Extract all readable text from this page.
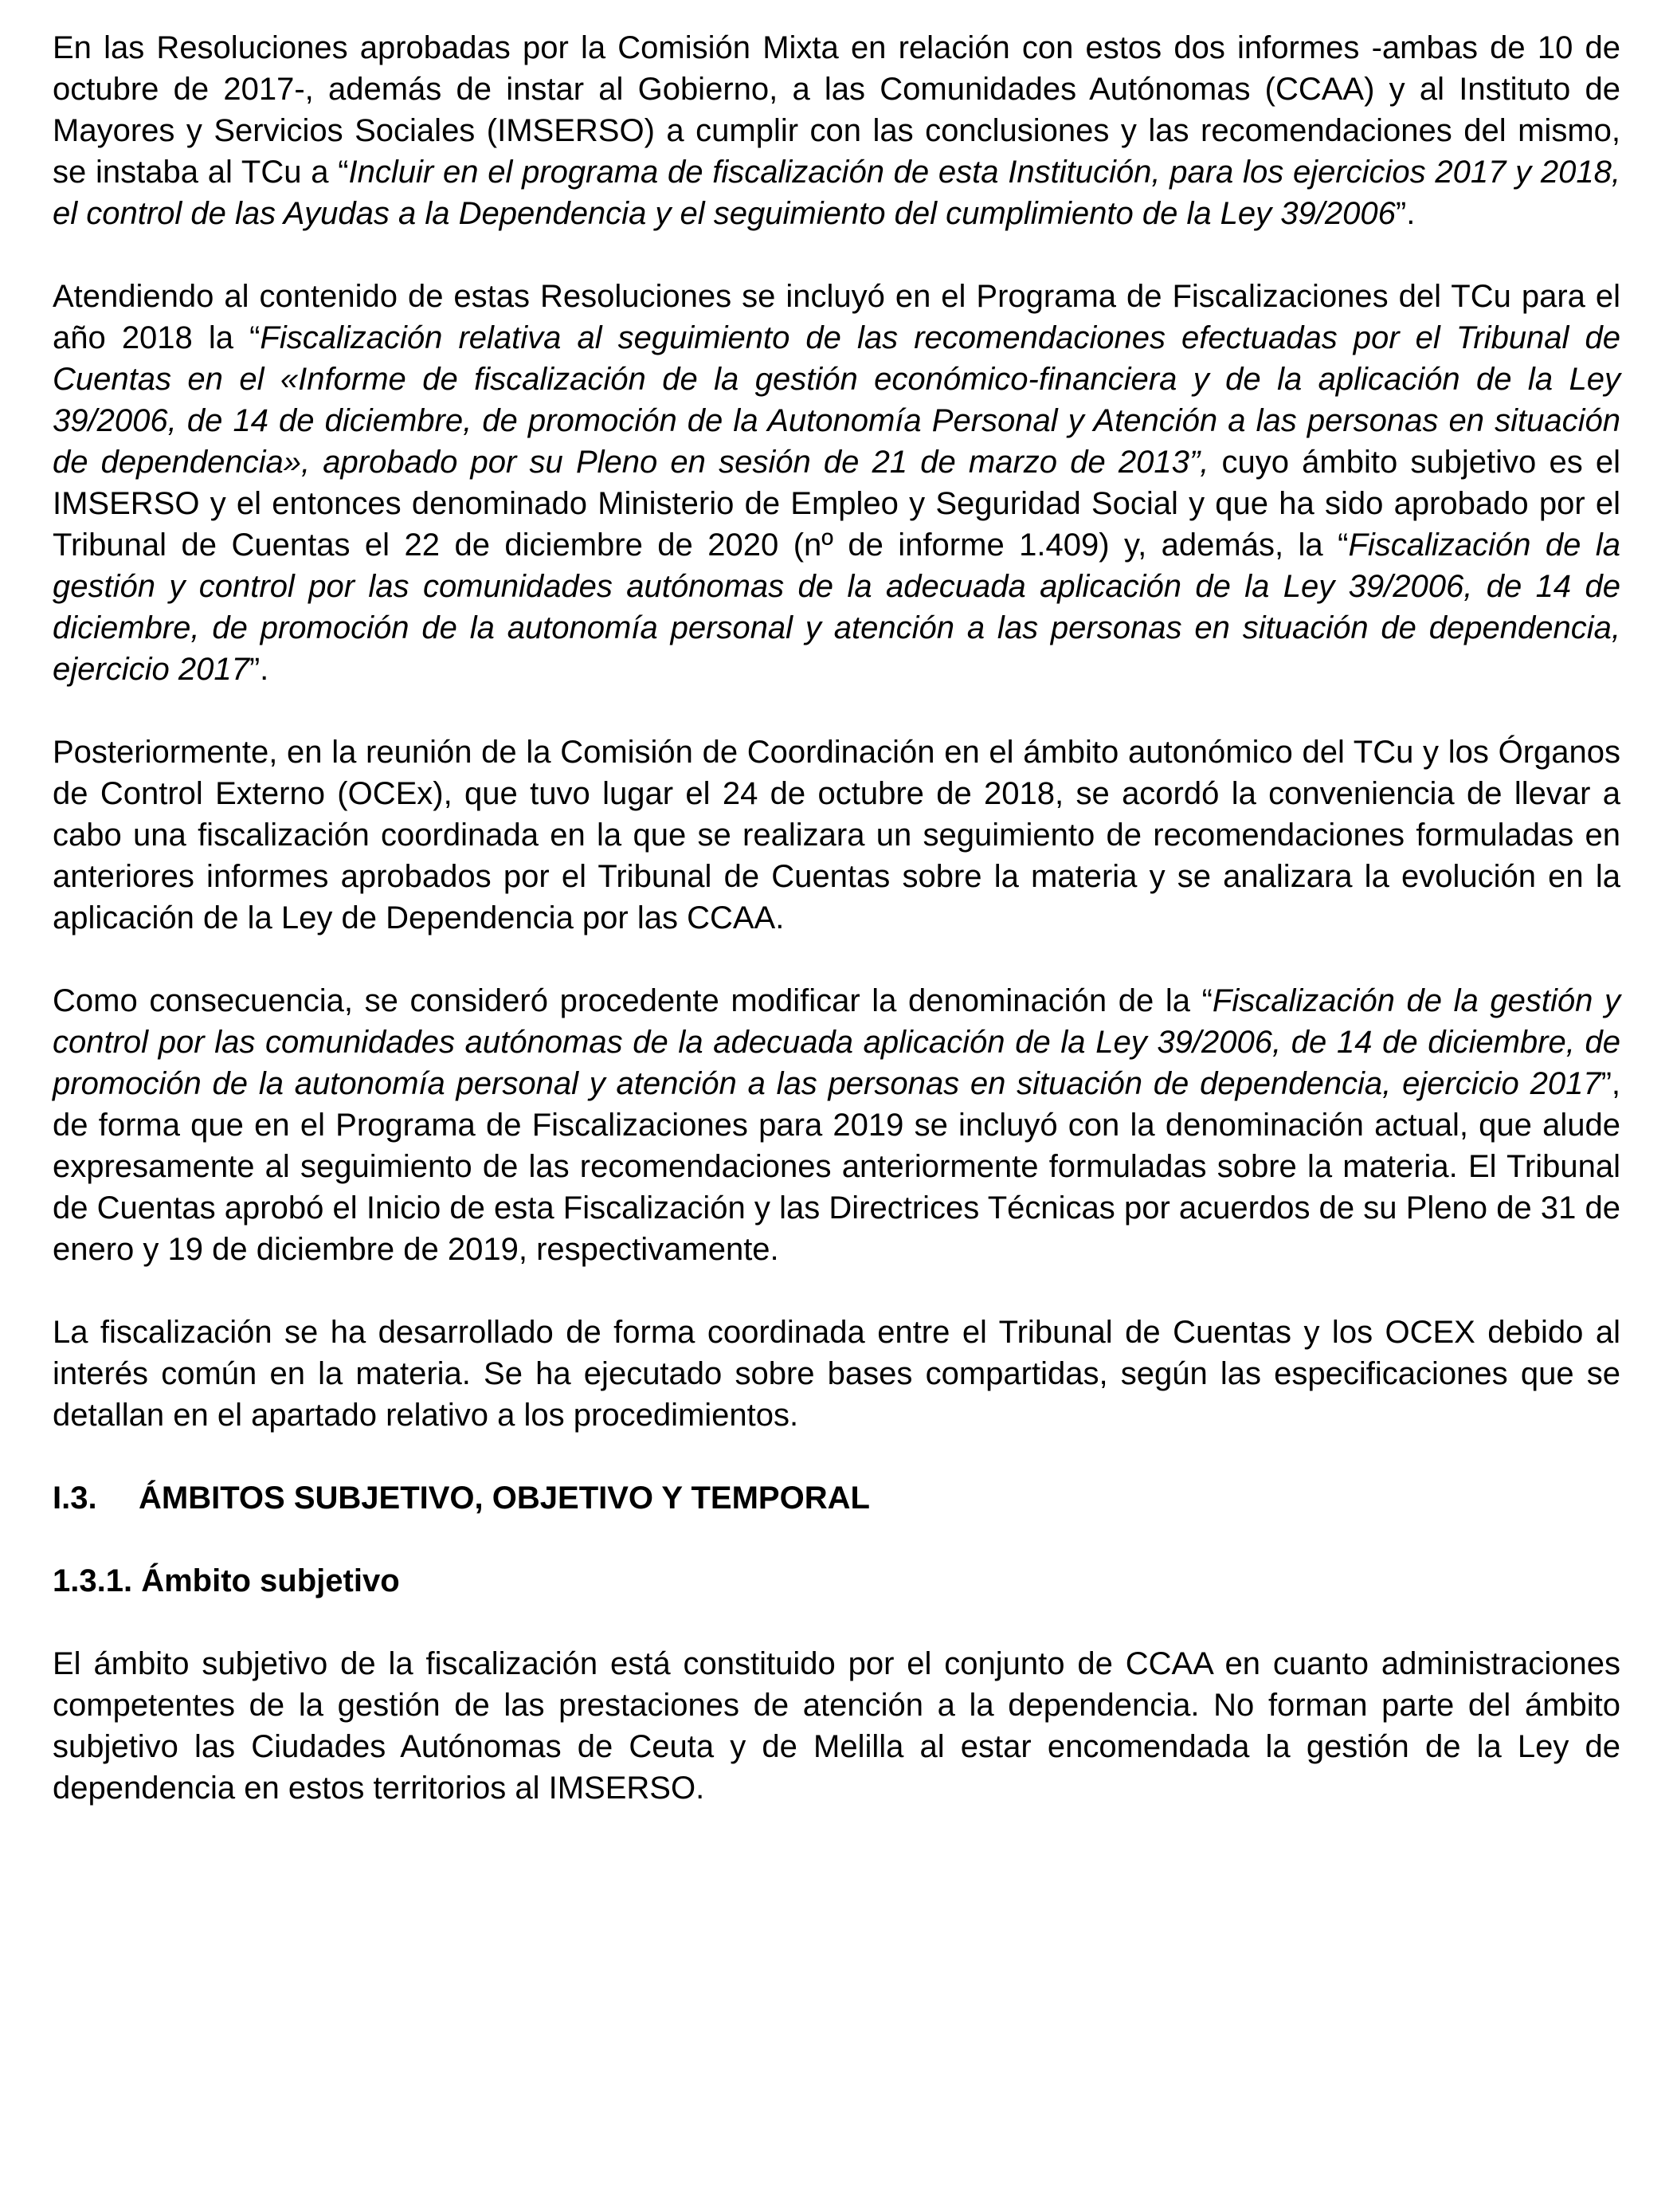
En las Resoluciones aprobadas por la Comisión Mixta en relación con estos dos informes -ambas de 10 de octubre de 2017-, además de instar al Gobierno, a las Comunidades Autónomas (CCAA) y al Instituto de Mayores y Servicios Sociales (IMSERSO) a cumplir con las conclusiones y las recomendaciones del mismo, se instaba al TCu a “Incluir en el programa de fiscalización de esta Institución, para los ejercicios 2017 y 2018, el control de las Ayudas a la Dependencia y el seguimiento del cumplimiento de la Ley 39/2006”.

Atendiendo al contenido de estas Resoluciones se incluyó en el Programa de Fiscalizaciones del TCu para el año 2018 la “Fiscalización relativa al seguimiento de las recomendaciones efectuadas por el Tribunal de Cuentas en el «Informe de fiscalización de la gestión económico-financiera y de la aplicación de la Ley 39/2006, de 14 de diciembre, de promoción de la Autonomía Personal y Atención a las personas en situación de dependencia», aprobado por su Pleno en sesión de 21 de marzo de 2013”, cuyo ámbito subjetivo es el IMSERSO y el entonces denominado Ministerio de Empleo y Seguridad Social y que ha sido aprobado por el Tribunal de Cuentas el 22 de diciembre de 2020 (nº de informe 1.409) y, además, la “Fiscalización de la gestión y control por las comunidades autónomas de la adecuada aplicación de la Ley 39/2006, de 14 de diciembre, de promoción de la autonomía personal y atención a las personas en situación de dependencia, ejercicio 2017”.

Posteriormente, en la reunión de la Comisión de Coordinación en el ámbito autonómico del TCu y los Órganos de Control Externo (OCEx), que tuvo lugar el 24 de octubre de 2018, se acordó la conveniencia de llevar a cabo una fiscalización coordinada en la que se realizara un seguimiento de recomendaciones formuladas en anteriores informes aprobados por el Tribunal de Cuentas sobre la materia y se analizara la evolución en la aplicación de la Ley de Dependencia por las CCAA.

Como consecuencia, se consideró procedente modificar la denominación de la “Fiscalización de la gestión y control por las comunidades autónomas de la adecuada aplicación de la Ley 39/2006, de 14 de diciembre, de promoción de la autonomía personal y atención a las personas en situación de dependencia, ejercicio 2017”, de forma que en el Programa de Fiscalizaciones para 2019 se incluyó con la denominación actual, que alude expresamente al seguimiento de las recomendaciones anteriormente formuladas sobre la materia. El Tribunal de Cuentas aprobó el Inicio de esta Fiscalización y las Directrices Técnicas por acuerdos de su Pleno de 31 de enero y 19 de diciembre de 2019, respectivamente.

La fiscalización se ha desarrollado de forma coordinada entre el Tribunal de Cuentas y los OCEX debido al interés común en la materia. Se ha ejecutado sobre bases compartidas, según las especificaciones que se detallan en el apartado relativo a los procedimientos.

I.3. ÁMBITOS SUBJETIVO, OBJETIVO Y TEMPORAL

1.3.1. Ámbito subjetivo

El ámbito subjetivo de la fiscalización está constituido por el conjunto de CCAA en cuanto administraciones competentes de la gestión de las prestaciones de atención a la dependencia. No forman parte del ámbito subjetivo las Ciudades Autónomas de Ceuta y de Melilla al estar encomendada la gestión de la Ley de dependencia en estos territorios al IMSERSO.
